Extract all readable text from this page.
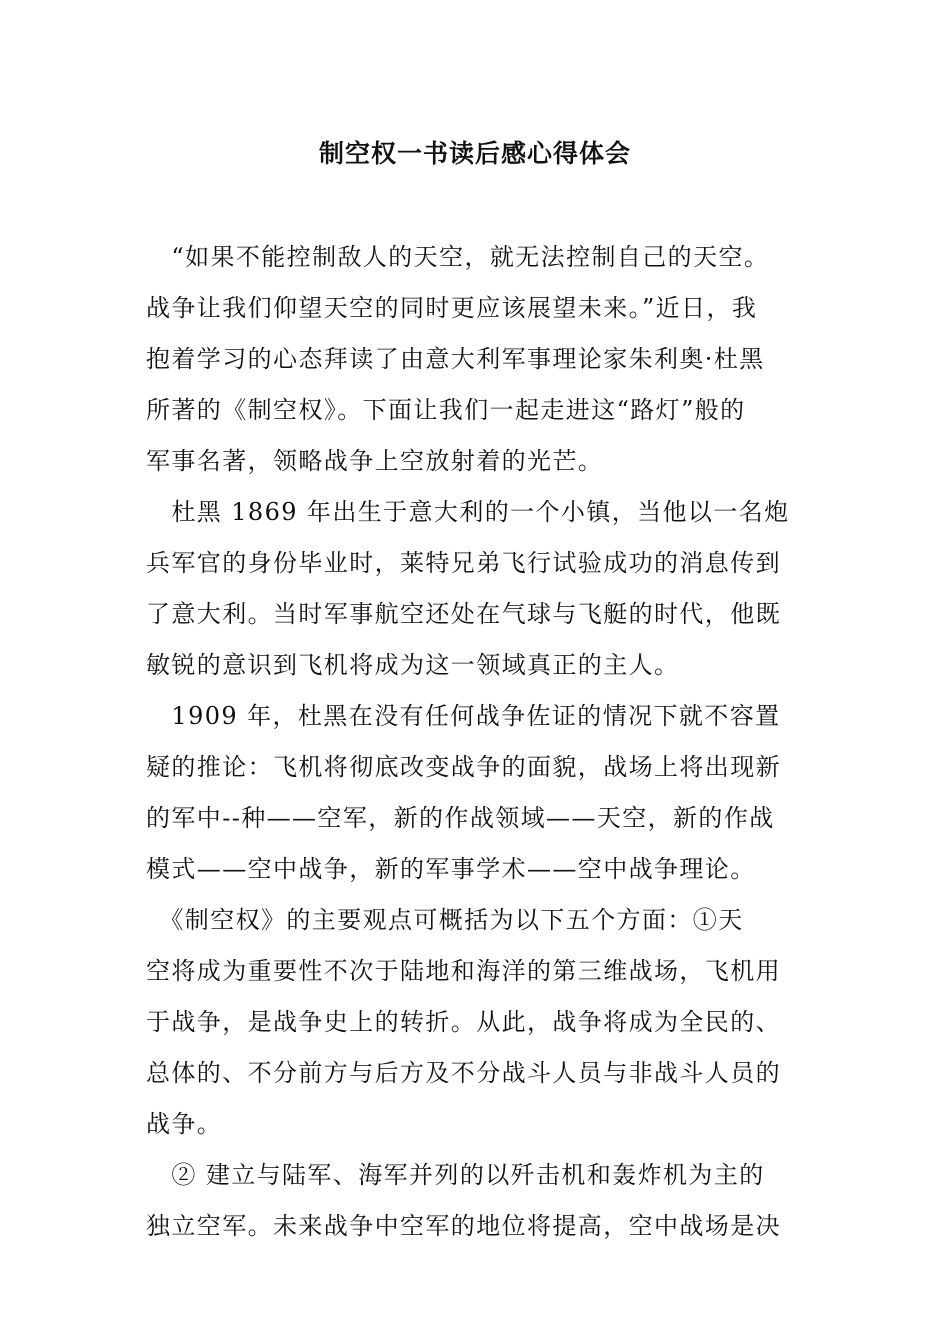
制空权一书读后感心得体会
　“如果不能控制敌人的天空，就无法控制自己的天空。
战争让我们仰望天空的同时更应该展望未来。”近日，我
抱着学习的心态拜读了由意大利军事理论家朱利奥·杜黑
所著的《制空权》。下面让我们一起走进这“路灯”般的
军事名著，领略战争上空放射着的光芒。
　杜黑 1869 年出生于意大利的一个小镇，当他以一名炮
兵军官的身份毕业时，莱特兄弟飞行试验成功的消息传到
了意大利。当时军事航空还处在气球与飞艇的时代，他既
敏锐的意识到飞机将成为这一领域真正的主人。
　1909 年，杜黑在没有任何战争佐证的情况下就不容置
疑的推论：飞机将彻底改变战争的面貌，战场上将出现新
的军中--种——空军，新的作战领域——天空，新的作战
模式——空中战争，新的军事学术——空中战争理论。
　《制空权》的主要观点可概括为以下五个方面：①天
空将成为重要性不次于陆地和海洋的第三维战场，飞机用
于战争，是战争史上的转折。从此，战争将成为全民的、
总体的、不分前方与后方及不分战斗人员与非战斗人员的
战争。
　② 建立与陆军、海军并列的以歼击机和轰炸机为主的
独立空军。未来战争中空军的地位将提高，空中战场是决
